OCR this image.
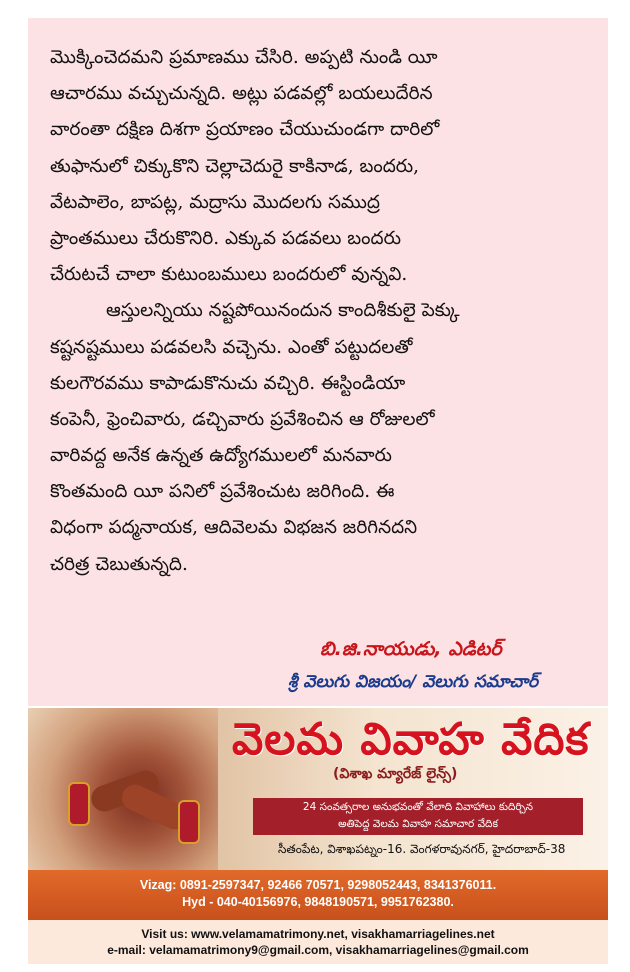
మొక్కించెదమని ప్రమాణము చేసిరి. అప్పటి నుండి యీ
ఆచారము వచ్చుచున్నది. అట్లు పడవల్లో బయలుదేరిన
వారంతా దక్షిణ దిశగా ప్రయాణం చేయుచుండగా దారిలో
తుఫానులో చిక్కుకొని చెల్లాచెదురై కాకినాడ, బందరు,
వేటపాలెం, బాపట్ల, మద్రాసు మొదలగు సముద్ర
ప్రాంతములు చేరుకొనిరి. ఎక్కువ పడవలు బందరు
చేరుటచే చాలా కుటుంబములు బందరులో వున్నవి.
ఆస్తులన్నియు నష్టపోయినందున కాందిశీకులై పెక్కు
కష్టనష్టములు పడవలసి వచ్చెను. ఎంతో పట్టుదలతో
కులగౌరవము కాపాడుకొనుచు వచ్చిరి. ఈస్టిండియా
కంపెనీ, ఫ్రెంచివారు, డచ్చివారు ప్రవేశించిన ఆ రోజులలో
వారివద్ద అనేక ఉన్నత ఉద్యోగములలో మనవారు
కొంతమంది యీ పనిలో ప్రవేశించుట జరిగింది. ఈ
విధంగా పద్మనాయక, ఆదివెలమ విభజన జరిగినదని
చరిత్ర చెబుతున్నది.
బి.జి.నాయుడు, ఎడిటర్
శ్రీ వెలుగు విజయం/ వెలుగు సమాచార్
వెలమ వివాహ వేదిక
(విశాఖ మ్యారేజ్ లైన్స్)
24 సంవత్సరాల అనుభవంతో వేలాది వివాహాలు కుదిర్చిన
అతిపెద్ద వెలమ వివాహ సమాచార వేదిక
సీతంపేట, విశాఖపట్నం-16. వెంగళరావునగర్, హైదరాబాద్-38
Vizag: 0891-2597347, 92466 70571, 9298052443, 8341376011.
Hyd - 040-40156976, 9848190571, 9951762380.
Visit us: www.velamamatrimony.net, visakhamarriagelines.net
e-mail: velamamatrimony9@gmail.com, visakhamarriagelines@gmail.com
